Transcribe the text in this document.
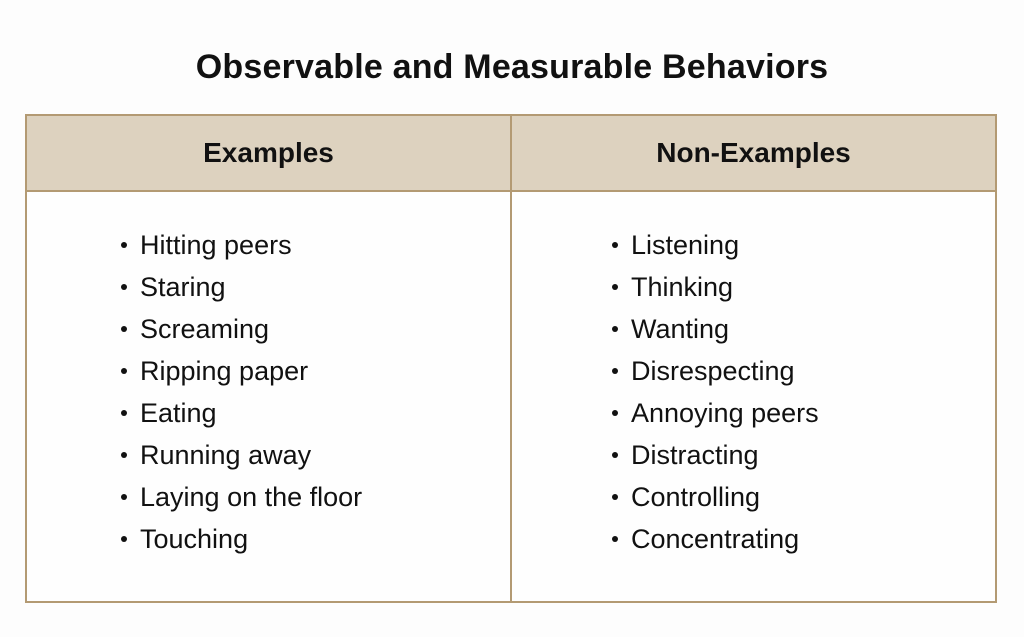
Observable and Measurable Behaviors
Examples	Non-Examples
Hitting peers
Staring
Screaming
Ripping paper
Eating
Running away
Laying on the floor
Touching
Listening
Thinking
Wanting
Disrespecting
Annoying peers
Distracting
Controlling
Concentrating
